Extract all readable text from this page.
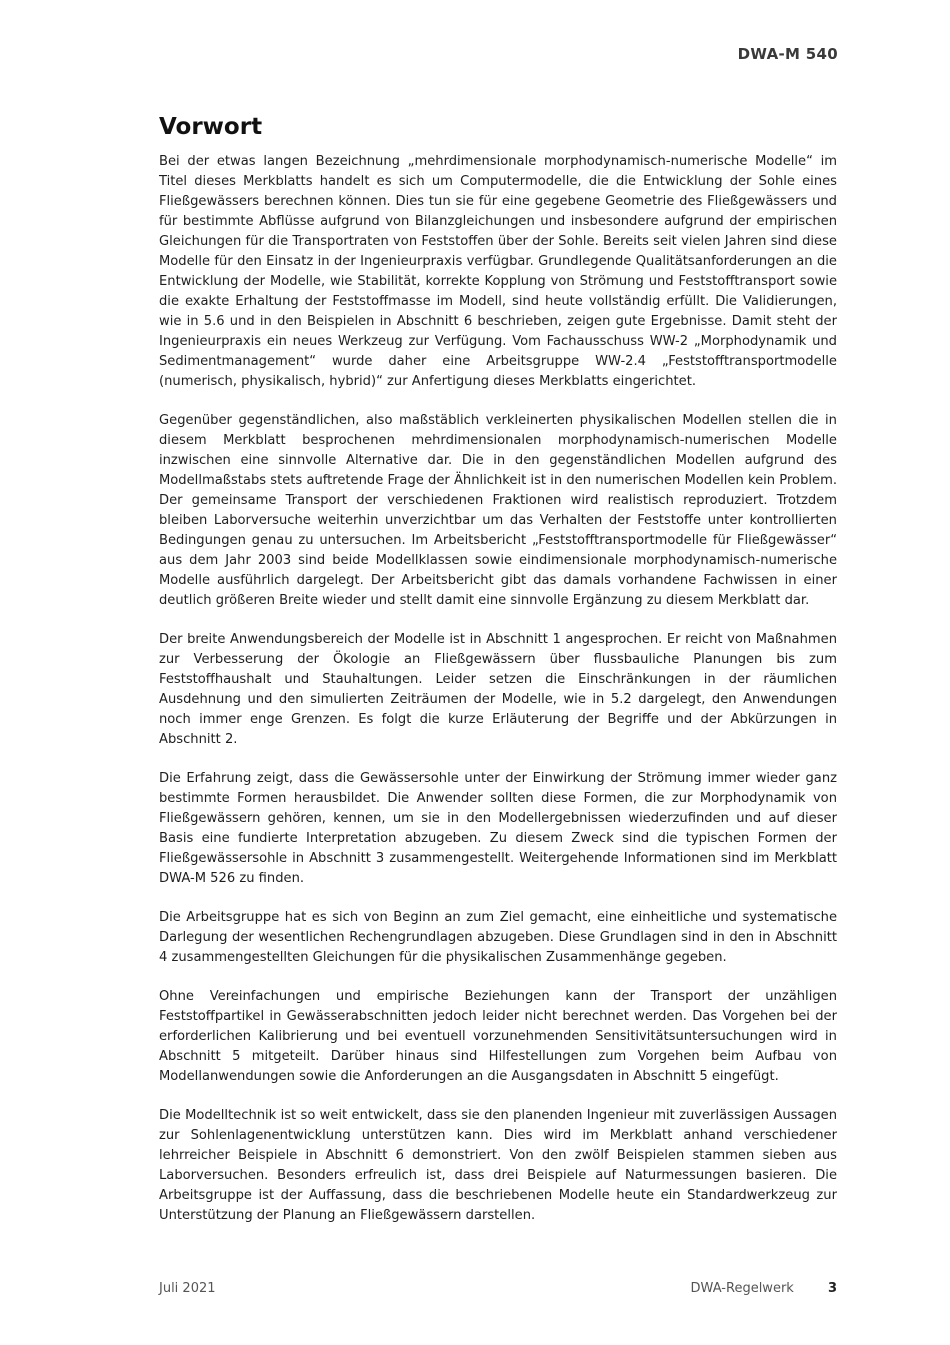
DWA-M 540
Vorwort

Bei der etwas langen Bezeichnung „mehrdimensionale morphodynamisch-numerische Modelle“ im Titel dieses Merkblatts handelt es sich um Computermodelle, die die Entwicklung der Sohle eines Fließgewässers berechnen können. Dies tun sie für eine gegebene Geometrie des Fließgewässers und für bestimmte Abflüsse aufgrund von Bilanzgleichungen und insbesondere aufgrund der empirischen Gleichungen für die Transportraten von Feststoffen über der Sohle. Bereits seit vielen Jahren sind diese Modelle für den Einsatz in der Ingenieurpraxis verfügbar. Grundlegende Qualitätsanforderungen an die Entwicklung der Modelle, wie Stabilität, korrekte Kopplung von Strömung und Feststofftransport sowie die exakte Erhaltung der Feststoffmasse im Modell, sind heute vollständig erfüllt. Die Validierungen, wie in 5.6 und in den Beispielen in Abschnitt 6 beschrieben, zeigen gute Ergebnisse. Damit steht der Ingenieurpraxis ein neues Werkzeug zur Verfügung. Vom Fachausschuss WW-2 „Morphodynamik und Sedimentmanagement“ wurde daher eine Arbeitsgruppe WW-2.4 „Feststofftransportmodelle (numerisch, physikalisch, hybrid)“ zur Anfertigung dieses Merkblatts eingerichtet.

Gegenüber gegenständlichen, also maßstäblich verkleinerten physikalischen Modellen stellen die in diesem Merkblatt besprochenen mehrdimensionalen morphodynamisch-numerischen Modelle inzwischen eine sinnvolle Alternative dar. Die in den gegenständlichen Modellen aufgrund des Modellmaßstabs stets auftretende Frage der Ähnlichkeit ist in den numerischen Modellen kein Problem. Der gemeinsame Transport der verschiedenen Fraktionen wird realistisch reproduziert. Trotzdem bleiben Laborversuche weiterhin unverzichtbar um das Verhalten der Feststoffe unter kontrollierten Bedingungen genau zu untersuchen. Im Arbeitsbericht „Feststofftransportmodelle für Fließgewässer“ aus dem Jahr 2003 sind beide Modellklassen sowie eindimensionale morphodynamisch-numerische Modelle ausführlich dargelegt. Der Arbeitsbericht gibt das damals vorhandene Fachwissen in einer deutlich größeren Breite wieder und stellt damit eine sinnvolle Ergänzung zu diesem Merkblatt dar.

Der breite Anwendungsbereich der Modelle ist in Abschnitt 1 angesprochen. Er reicht von Maßnahmen zur Verbesserung der Ökologie an Fließgewässern über flussbauliche Planungen bis zum Feststoffhaushalt und Stauhaltungen. Leider setzen die Einschränkungen in der räumlichen Ausdehnung und den simulierten Zeiträumen der Modelle, wie in 5.2 dargelegt, den Anwendungen noch immer enge Grenzen. Es folgt die kurze Erläuterung der Begriffe und der Abkürzungen in Abschnitt 2.

Die Erfahrung zeigt, dass die Gewässersohle unter der Einwirkung der Strömung immer wieder ganz bestimmte Formen herausbildet. Die Anwender sollten diese Formen, die zur Morphodynamik von Fließgewässern gehören, kennen, um sie in den Modellergebnissen wiederzufinden und auf dieser Basis eine fundierte Interpretation abzugeben. Zu diesem Zweck sind die typischen Formen der Fließgewässersohle in Abschnitt 3 zusammengestellt. Weitergehende Informationen sind im Merkblatt DWA-M 526 zu finden.

Die Arbeitsgruppe hat es sich von Beginn an zum Ziel gemacht, eine einheitliche und systematische Darlegung der wesentlichen Rechengrundlagen abzugeben. Diese Grundlagen sind in den in Abschnitt 4 zusammengestellten Gleichungen für die physikalischen Zusammenhänge gegeben.

Ohne Vereinfachungen und empirische Beziehungen kann der Transport der unzähligen Feststoffpartikel in Gewässerabschnitten jedoch leider nicht berechnet werden. Das Vorgehen bei der erforderlichen Kalibrierung und bei eventuell vorzunehmenden Sensitivitätsuntersuchungen wird in Abschnitt 5 mitgeteilt. Darüber hinaus sind Hilfestellungen zum Vorgehen beim Aufbau von Modellanwendungen sowie die Anforderungen an die Ausgangsdaten in Abschnitt 5 eingefügt.

Die Modelltechnik ist so weit entwickelt, dass sie den planenden Ingenieur mit zuverlässigen Aussagen zur Sohlenlagenentwicklung unterstützen kann. Dies wird im Merkblatt anhand verschiedener lehrreicher Beispiele in Abschnitt 6 demonstriert. Von den zwölf Beispielen stammen sieben aus Laborversuchen. Besonders erfreulich ist, dass drei Beispiele auf Naturmessungen basieren. Die Arbeitsgruppe ist der Auffassung, dass die beschriebenen Modelle heute ein Standardwerkzeug zur Unterstützung der Planung an Fließgewässern darstellen.

Juli 2021	DWA-Regelwerk	3
